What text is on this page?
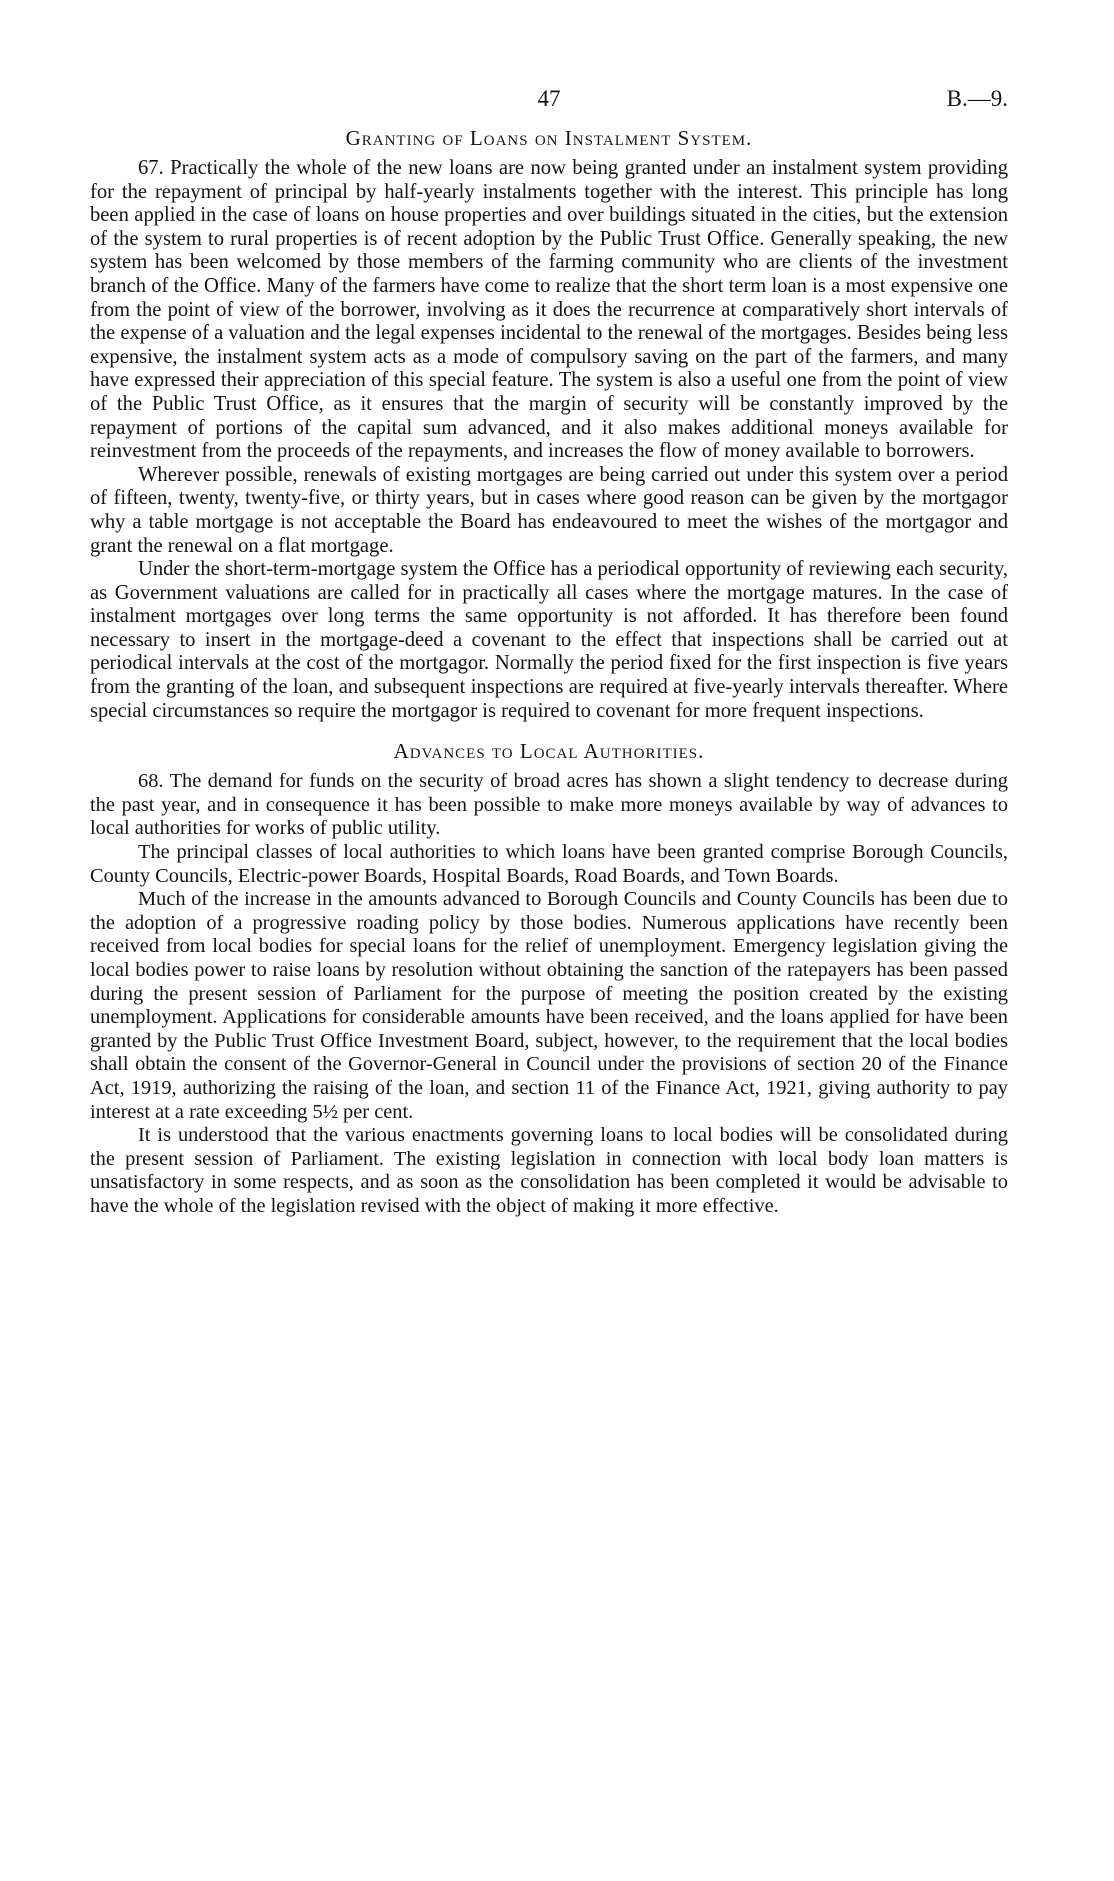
47	B.—9.
Granting of Loans on Instalment System.

67. Practically the whole of the new loans are now being granted under an instalment system providing for the repayment of principal by half-yearly instalments together with the interest. This principle has long been applied in the case of loans on house properties and over buildings situated in the cities, but the extension of the system to rural properties is of recent adoption by the Public Trust Office. Generally speaking, the new system has been welcomed by those members of the farming community who are clients of the investment branch of the Office. Many of the farmers have come to realize that the short term loan is a most expensive one from the point of view of the borrower, involving as it does the recurrence at comparatively short intervals of the expense of a valuation and the legal expenses incidental to the renewal of the mortgages. Besides being less expensive, the instalment system acts as a mode of compulsory saving on the part of the farmers, and many have expressed their appreciation of this special feature. The system is also a useful one from the point of view of the Public Trust Office, as it ensures that the margin of security will be constantly improved by the repayment of portions of the capital sum advanced, and it also makes additional moneys available for reinvestment from the proceeds of the repayments, and increases the flow of money available to borrowers.

Wherever possible, renewals of existing mortgages are being carried out under this system over a period of fifteen, twenty, twenty-five, or thirty years, but in cases where good reason can be given by the mortgagor why a table mortgage is not acceptable the Board has endeavoured to meet the wishes of the mortgagor and grant the renewal on a flat mortgage.

Under the short-term-mortgage system the Office has a periodical opportunity of reviewing each security, as Government valuations are called for in practically all cases where the mortgage matures. In the case of instalment mortgages over long terms the same opportunity is not afforded. It has therefore been found necessary to insert in the mortgage-deed a covenant to the effect that inspections shall be carried out at periodical intervals at the cost of the mortgagor. Normally the period fixed for the first inspection is five years from the granting of the loan, and subsequent inspections are required at five-yearly intervals thereafter. Where special circumstances so require the mortgagor is required to covenant for more frequent inspections.

Advances to Local Authorities.

68. The demand for funds on the security of broad acres has shown a slight tendency to decrease during the past year, and in consequence it has been possible to make more moneys available by way of advances to local authorities for works of public utility.

The principal classes of local authorities to which loans have been granted comprise Borough Councils, County Councils, Electric-power Boards, Hospital Boards, Road Boards, and Town Boards.

Much of the increase in the amounts advanced to Borough Councils and County Councils has been due to the adoption of a progressive roading policy by those bodies. Numerous applications have recently been received from local bodies for special loans for the relief of unemployment. Emergency legislation giving the local bodies power to raise loans by resolution without obtaining the sanction of the ratepayers has been passed during the present session of Parliament for the purpose of meeting the position created by the existing unemployment. Applications for considerable amounts have been received, and the loans applied for have been granted by the Public Trust Office Investment Board, subject, however, to the requirement that the local bodies shall obtain the consent of the Governor-General in Council under the provisions of section 20 of the Finance Act, 1919, authorizing the raising of the loan, and section 11 of the Finance Act, 1921, giving authority to pay interest at a rate exceeding 5½ per cent.

It is understood that the various enactments governing loans to local bodies will be consolidated during the present session of Parliament. The existing legislation in connection with local body loan matters is unsatisfactory in some respects, and as soon as the consolidation has been completed it would be advisable to have the whole of the legislation revised with the object of making it more effective.
